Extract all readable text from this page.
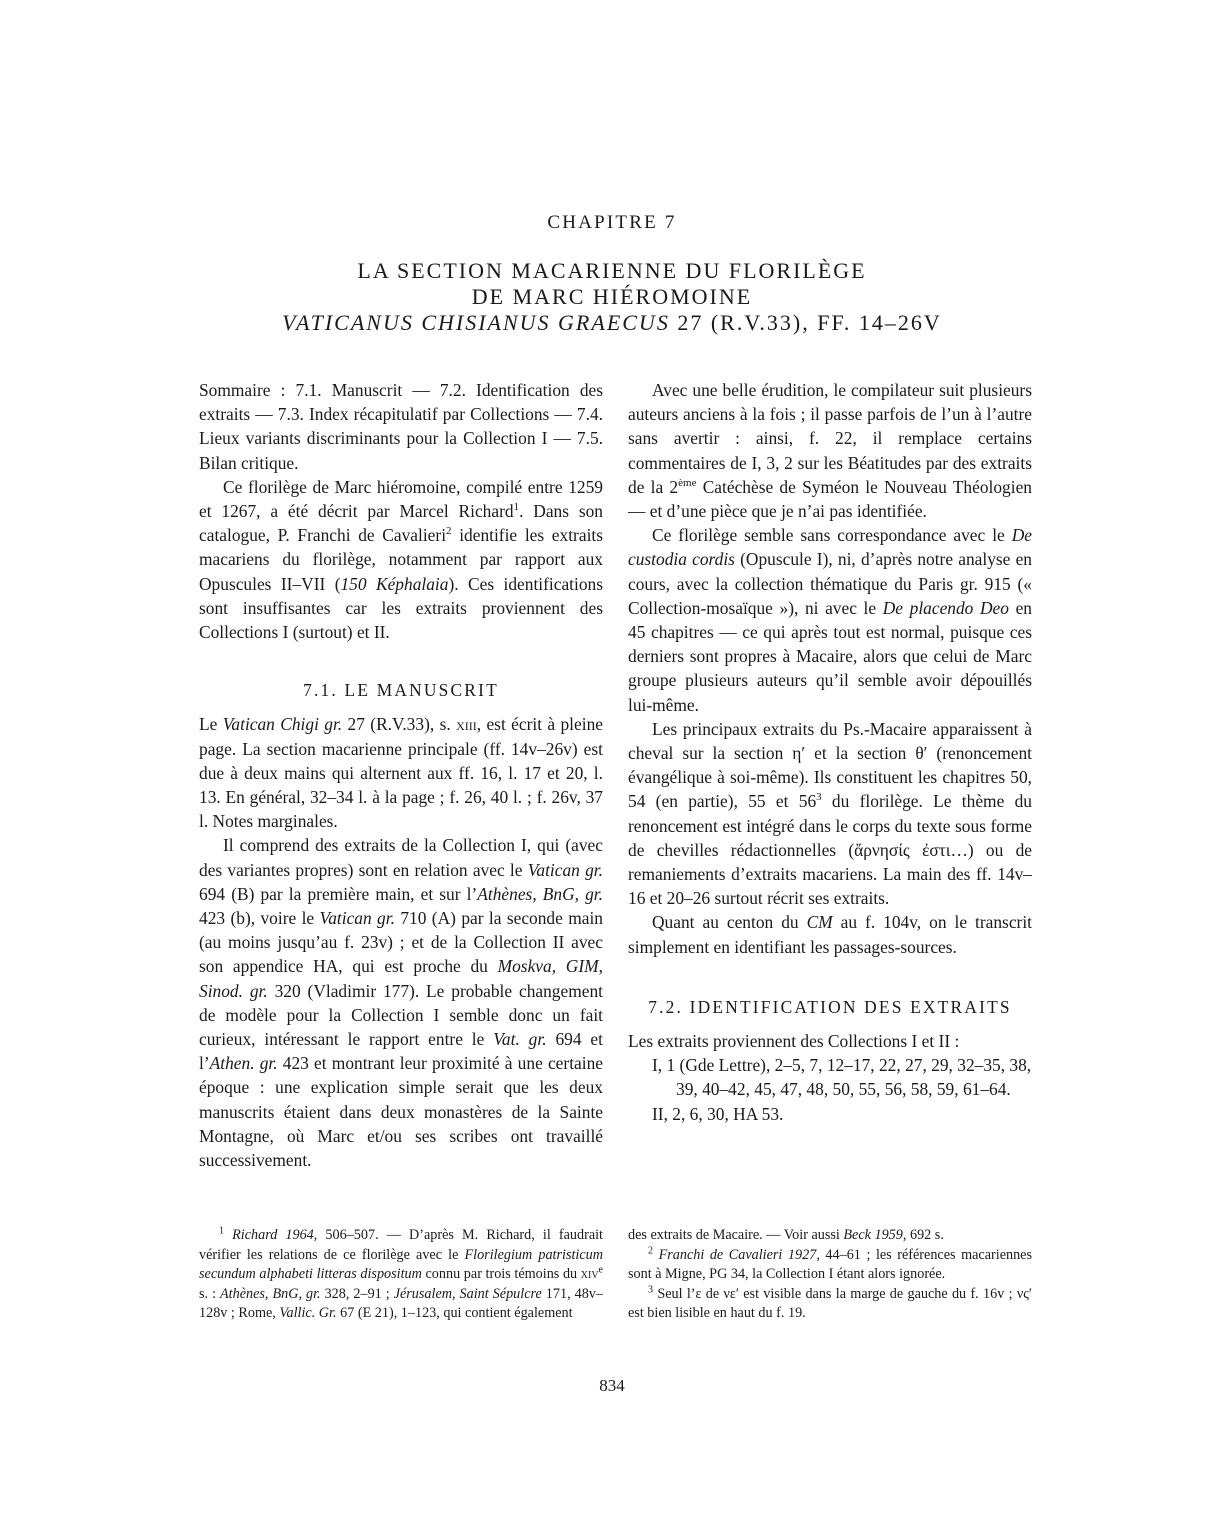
CHAPITRE 7
LA SECTION MACARIENNE DU FLORILÈGE
DE MARC HIÉROMOINE
VATICANUS CHISIANUS GRAECUS 27 (R.V.33), FF. 14–26V

Sommaire : 7.1. Manuscrit — 7.2. Identification des extraits — 7.3. Index récapitulatif par Collections — 7.4. Lieux variants discriminants pour la Collection I — 7.5. Bilan critique.

Ce florilège de Marc hiéromoine, compilé entre 1259 et 1267, a été décrit par Marcel Richard$^1$. Dans son catalogue, P. Franchi de Cavalieri$^2$ identifie les extraits macariens du florilège, notamment par rapport aux Opuscules II–VII (150 Képhalaia). Ces identifications sont insuffisantes car les extraits proviennent des Collections I (surtout) et II.

7.1. LE MANUSCRIT

Le Vatican Chigi gr. 27 (R.V.33), s. xiii, est écrit à pleine page. La section macarienne principale (ff. 14v–26v) est due à deux mains qui alternent aux ff. 16, l. 17 et 20, l. 13. En général, 32–34 l. à la page ; f. 26, 40 l. ; f. 26v, 37 l. Notes marginales.

Il comprend des extraits de la Collection I, qui (avec des variantes propres) sont en relation avec le Vatican gr. 694 (B) par la première main, et sur l’Athènes, BnG, gr. 423 (b), voire le Vatican gr. 710 (A) par la seconde main (au moins jusqu’au f. 23v) ; et de la Collection II avec son appendice HA, qui est proche du Moskva, GIM, Sinod. gr. 320 (Vladimir 177). Le probable changement de modèle pour la Collection I semble donc un fait curieux, intéressant le rapport entre le Vat. gr. 694 et l’Athen. gr. 423 et montrant leur proximité à une certaine époque : une explication simple serait que les deux manuscrits étaient dans deux monastères de la Sainte Montagne, où Marc et/ou ses scribes ont travaillé successivement.

Avec une belle érudition, le compilateur suit plusieurs auteurs anciens à la fois ; il passe parfois de l’un à l’autre sans avertir : ainsi, f. 22, il remplace certains commentaires de I, 3, 2 sur les Béatitudes par des extraits de la 2ème Catéchèse de Syméon le Nouveau Théologien — et d’une pièce que je n’ai pas identifiée.

Ce florilège semble sans correspondance avec le De custodia cordis (Opuscule I), ni, d’après notre analyse en cours, avec la collection thématique du Paris gr. 915 (« Collection-mosaïque »), ni avec le De placendo Deo en 45 chapitres — ce qui après tout est normal, puisque ces derniers sont propres à Macaire, alors que celui de Marc groupe plusieurs auteurs qu’il semble avoir dépouillés lui-même.

Les principaux extraits du Ps.-Macaire apparaissent à cheval sur la section η′ et la section θ′ (renoncement évangélique à soi-même). Ils constituent les chapitres 50, 54 (en partie), 55 et $56^3$ du florilège. Le thème du renoncement est intégré dans le corps du texte sous forme de chevilles rédactionnelles (ἄρνησίς ἐστι…) ou de remaniements d’extraits macariens. La main des ff. 14v–16 et 20–26 surtout récrit ses extraits.

Quant au centon du CM au f. 104v, on le transcrit simplement en identifiant les passages-sources.

7.2. IDENTIFICATION DES EXTRAITS

Les extraits proviennent des Collections I et II :

I, 1 (Gde Lettre), 2–5, 7, 12–17, 22, 27, 29, 32–35, 38,

39, 40–42, 45, 47, 48, 50, 55, 56, 58, 59, 61–64.

II, 2, 6, 30, HA 53.

$^1$ Richard 1964, 506–507. — D’après M. Richard, il faudrait vérifier les relations de ce florilège avec le Florilegium patristicum secundum alphabeti litteras dispositum connu par trois témoins du xiv$^e$ s. : Athènes, BnG, gr. 328, 2–91 ; Jérusalem, Saint Sépulcre 171, 48v–128v ; Rome, Vallic. Gr. 67 (E 21), 1–123, qui contient également

des extraits de Macaire. — Voir aussi Beck 1959, 692 s.

$^2$ Franchi de Cavalieri 1927, 44–61 ; les références macariennes sont à Migne, PG 34, la Collection I étant alors ignorée.

$^3$ Seul l’ε de νε′ est visible dans la marge de gauche du f. 16v ; νς′ est bien lisible en haut du f. 19.

834
